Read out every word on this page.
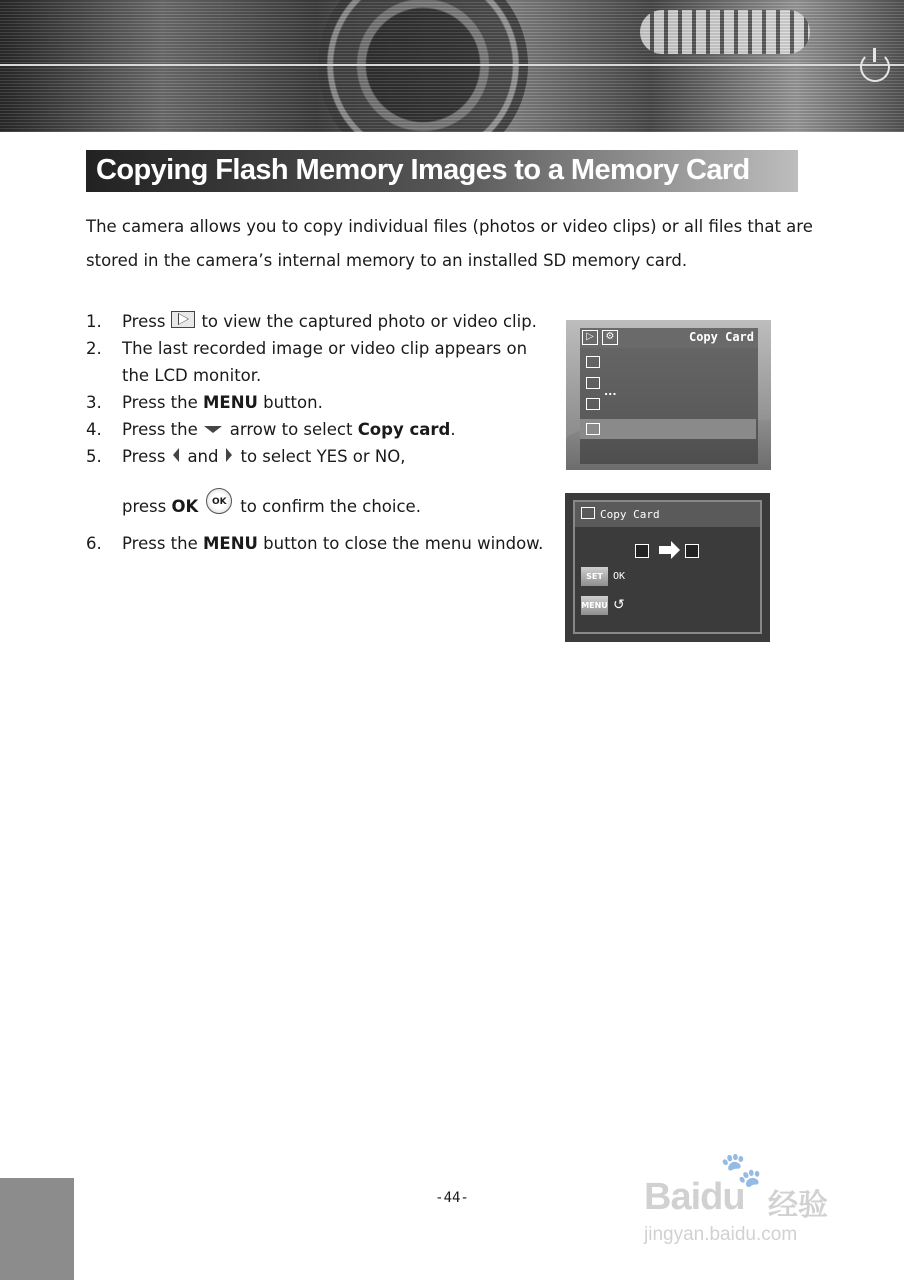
Copying Flash Memory Images to a Memory Card

The camera allows you to copy individual files (photos or video clips) or all files that are stored in the camera’s internal memory to an installed SD memory card.

1.	Press to view the captured photo or video clip.
2.	The last recorded image or video clip appears on the LCD monitor.
3.	Press the MENU button.
4.	Press the arrow to select Copy card.
5.	Press and to select YES or NO,
press OK OK to confirm the choice.
6.	Press the MENU button to close the menu window.
▷	⚙	Copy Card
...
Copy Card
SET	OK
MENU ↺
-44-
🐾
Baidu 经验
jingyan.baidu.com
